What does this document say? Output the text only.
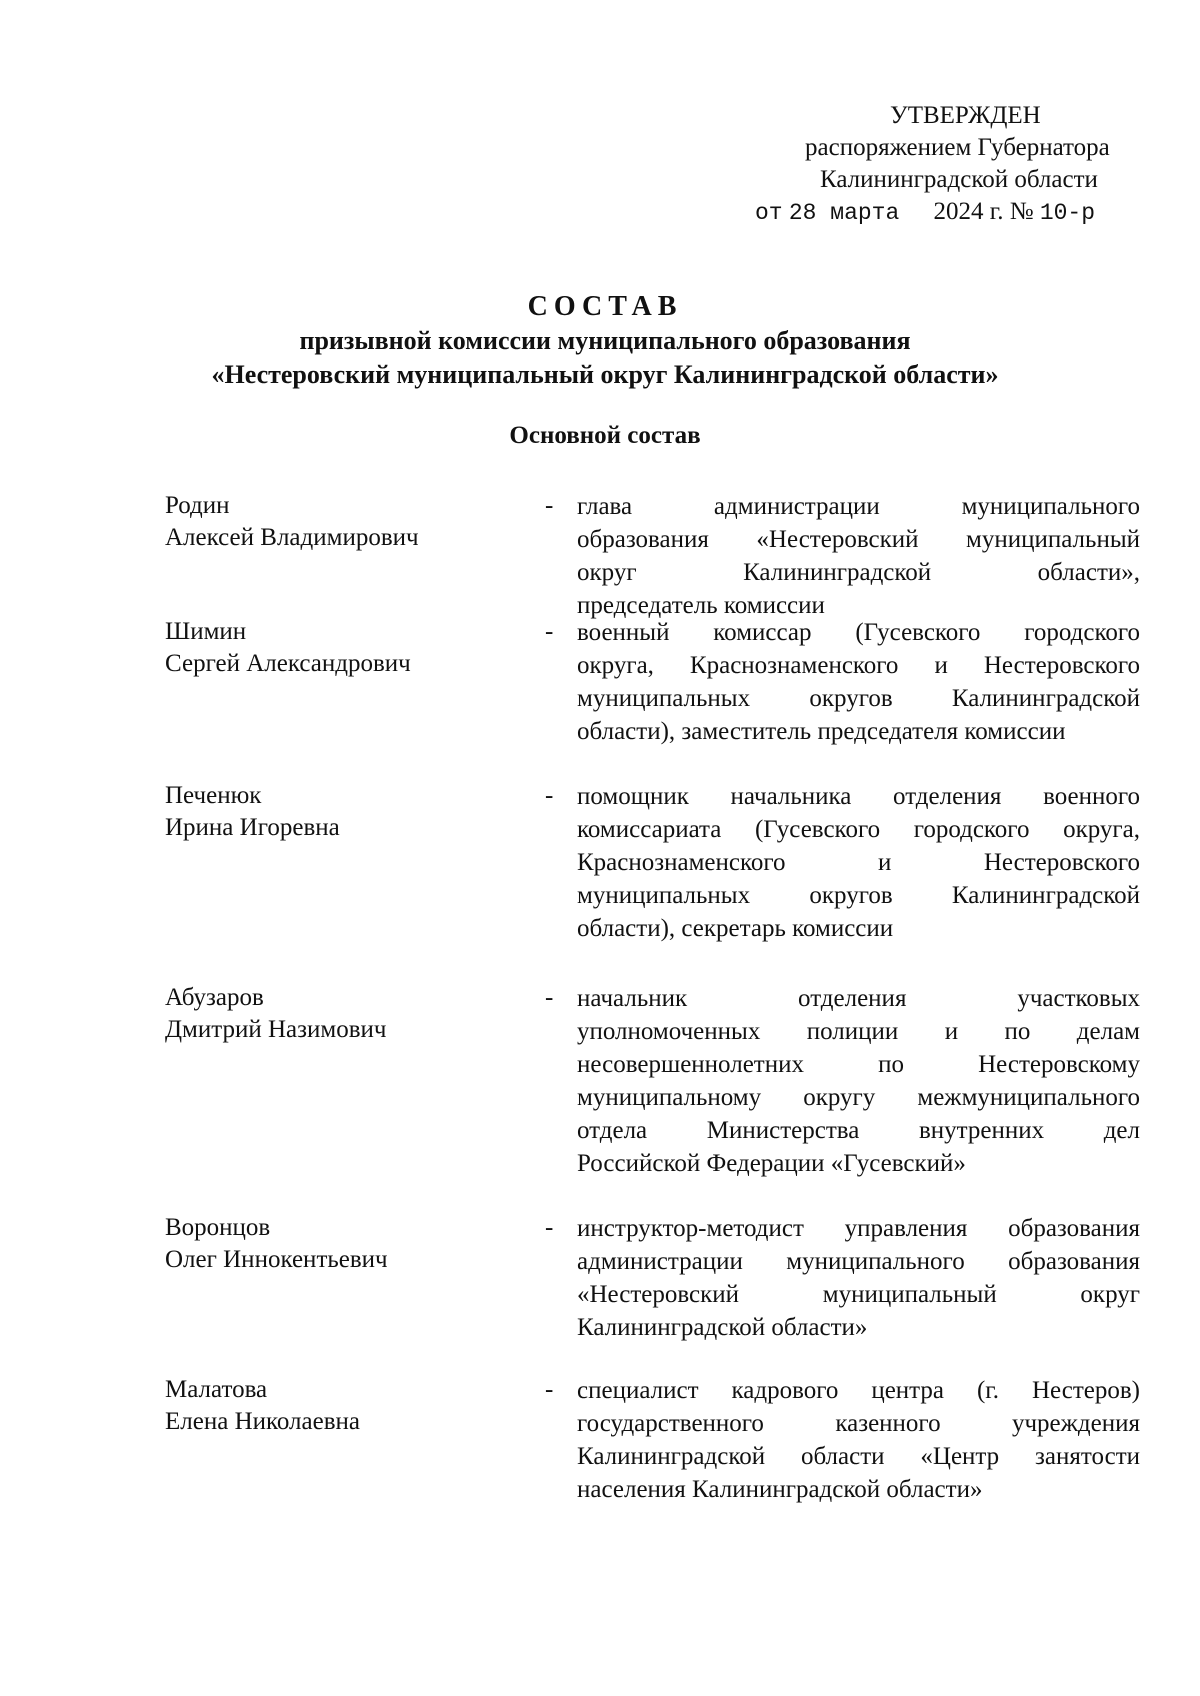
УТВЕРЖДЕН
распоряжением Губернатора
Калининградской области
от 28 марта 2024 г. № 10-р
СОСТАВ
призывной комиссии муниципального образования
«Нестеровский муниципальный округ Калининградской области»
Основной состав
Родин
Алексей Владимирович
- глава администрации муниципального
образования «Нестеровский муниципальный
округ Калининградской области»,
председатель комиссии
Шимин
Сергей Александрович
- военный комиссар (Гусевского городского
округа, Краснознаменского и Нестеровского
муниципальных округов Калининградской
области), заместитель председателя комиссии
Печенюк
Ирина Игоревна
- помощник начальника отделения военного
комиссариата (Гусевского городского округа,
Краснознаменского и Нестеровского
муниципальных округов Калининградской
области), секретарь комиссии
Абузаров
Дмитрий Назимович
- начальник отделения участковых
уполномоченных полиции и по делам
несовершеннолетних по Нестеровскому
муниципальному округу межмуниципального
отдела Министерства внутренних дел
Российской Федерации «Гусевский»
Воронцов
Олег Иннокентьевич
- инструктор-методист управления образования
администрации муниципального образования
«Нестеровский муниципальный округ
Калининградской области»
Малатова
Елена Николаевна
- специалист кадрового центра (г. Нестеров)
государственного казенного учреждения
Калининградской области «Центр занятости
населения Калининградской области»
